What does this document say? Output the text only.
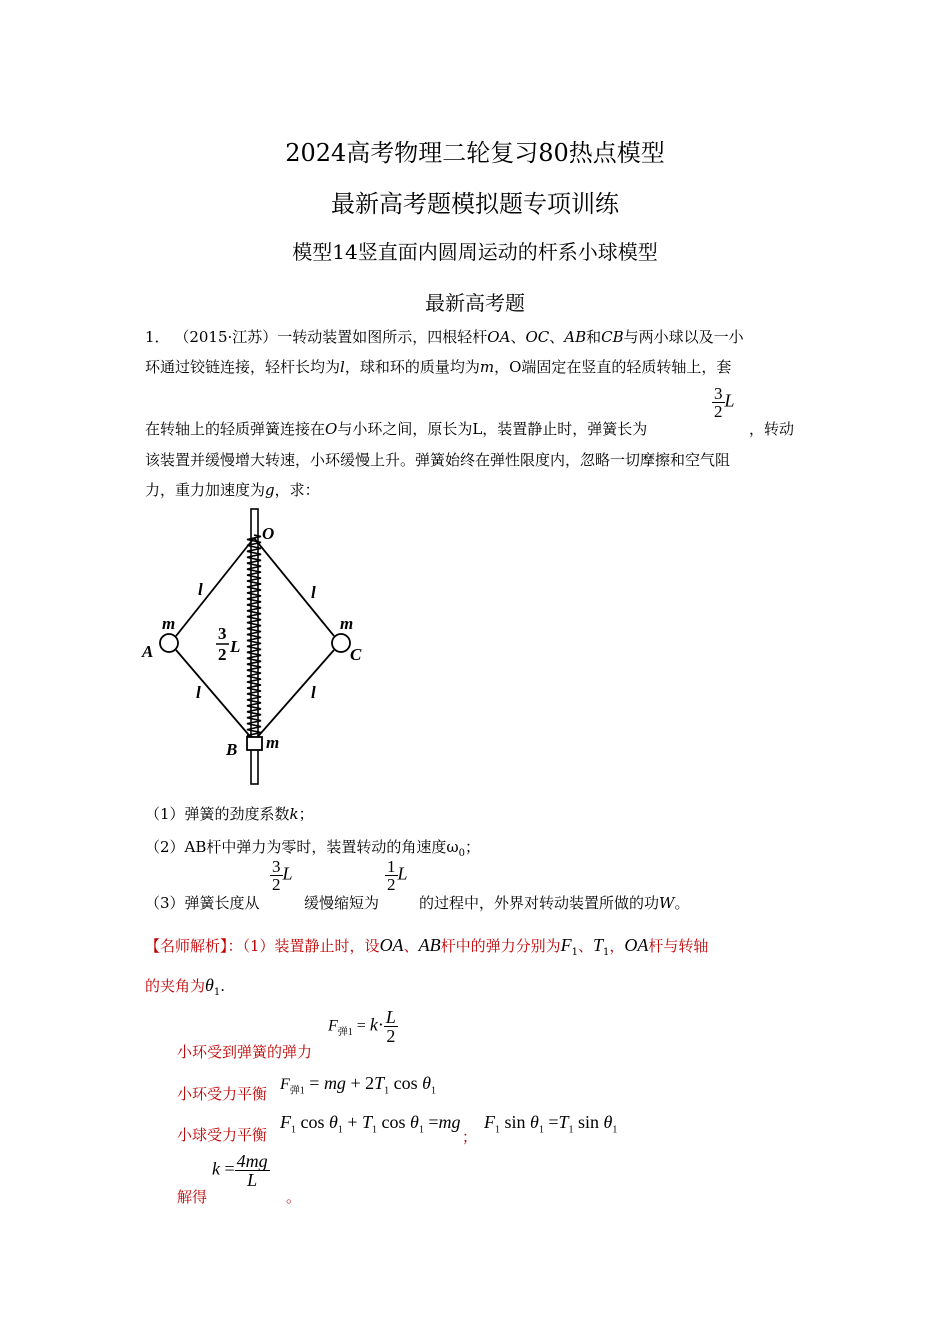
2024高考物理二轮复习80热点模型
最新高考题模拟题专项训练
模型14竖直面内圆周运动的杆系小球模型
最新高考题
1． （2015·江苏）一转动装置如图所示，四根轻杆OA、OC、AB和CB与两小球以及一小
环通过铰链连接，轻杆长均为l，球和环的质量均为m，O端固定在竖直的轻质转轴上，套
在转轴上的轻质弹簧连接在O与小环之间，原长为L，装置静止时，弹簧长为
$\frac{3}{2}$ L
，转动
该装置并缓慢增大转速，小环缓慢上升。弹簧始终在弹性限度内，忽略一切摩擦和空气阻
力，重力加速度为g，求：
O
A	C
B
m	m
m
l	l
l	l
3
2 L
（1）弹簧的劲度系数k；
（2）AB杆中弹力为零时，装置转动的角速度$\omega_0$；
（3）弹簧长度从
$\frac{3}{2}$ L
缓慢缩短为
$\frac{1}{2}$ L
的过程中，外界对转动装置所做的功W。
【名师解析】：（1）装置静止时，设OA、AB杆中的弹力分别为$F_1$、$T_1$，OA杆与转轴
的夹角为$\theta_1$.
小环受到弹簧的弹力
$F_{弹1} = k\cdot \frac{L}{2}$
小环受力平衡
$F_{弹1}$ = mg + $2T_1$ $\cos \theta_1$
小球受力平衡
$F_1$ $\cos \theta_1 + T_1$ $\cos \theta_1 =mg$
；
$F_1$ $\sin \theta_1 =T_1$ $\sin \theta_1$
解得
$k = \frac{4mg}{L}$
。
